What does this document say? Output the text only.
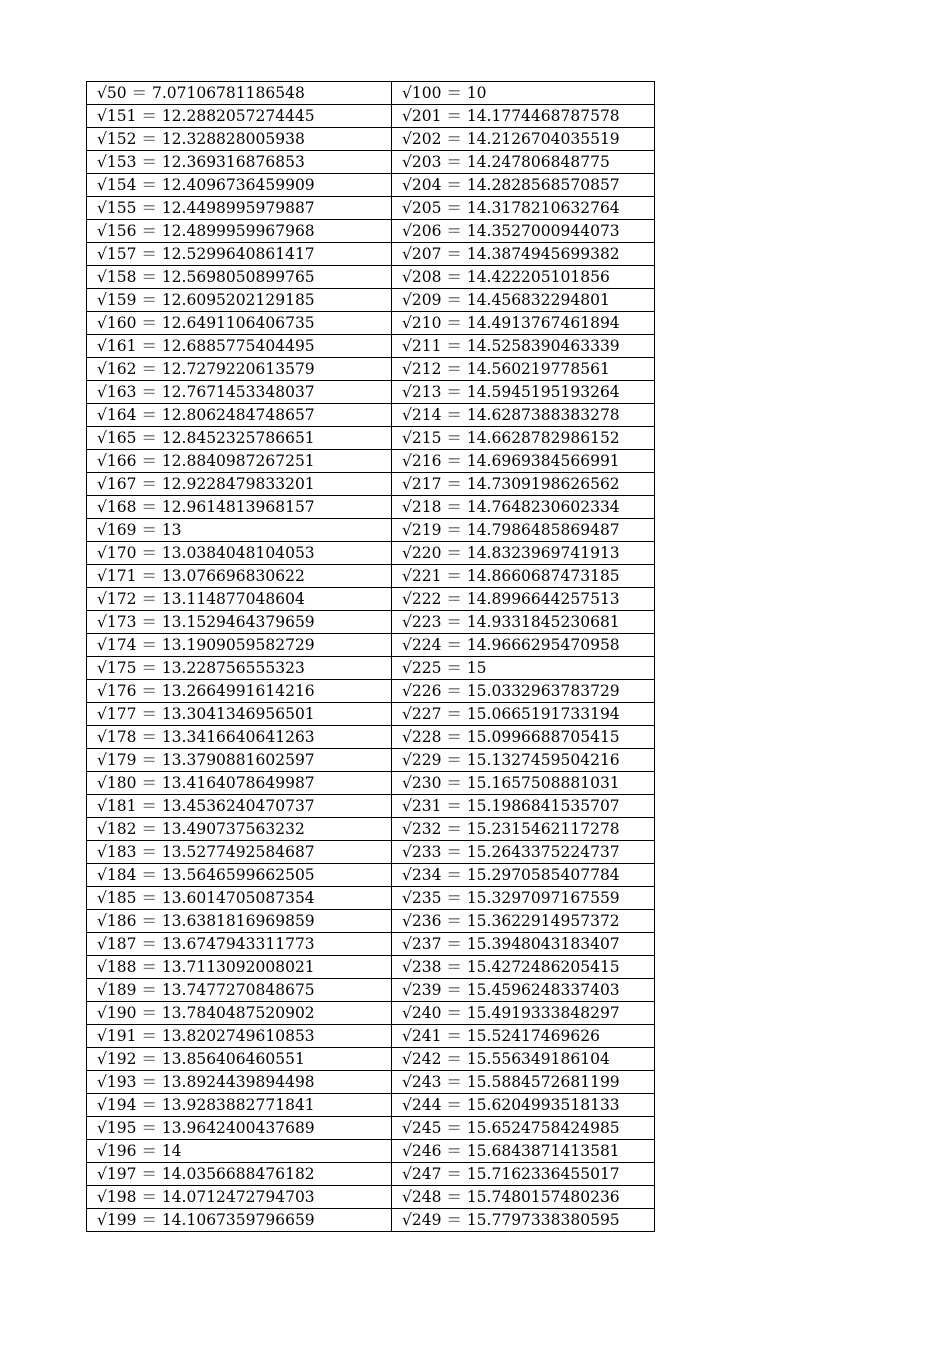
√50 ＝ 7.07106781186548	√100 ＝ 10
√151 ＝ 12.2882057274445	√201 ＝ 14.1774468787578
√152 ＝ 12.328828005938	√202 ＝ 14.2126704035519
√153 ＝ 12.369316876853	√203 ＝ 14.247806848775
√154 ＝ 12.4096736459909	√204 ＝ 14.2828568570857
√155 ＝ 12.4498995979887	√205 ＝ 14.3178210632764
√156 ＝ 12.4899959967968	√206 ＝ 14.3527000944073
√157 ＝ 12.5299640861417	√207 ＝ 14.3874945699382
√158 ＝ 12.5698050899765	√208 ＝ 14.422205101856
√159 ＝ 12.6095202129185	√209 ＝ 14.456832294801
√160 ＝ 12.6491106406735	√210 ＝ 14.4913767461894
√161 ＝ 12.6885775404495	√211 ＝ 14.5258390463339
√162 ＝ 12.7279220613579	√212 ＝ 14.560219778561
√163 ＝ 12.7671453348037	√213 ＝ 14.5945195193264
√164 ＝ 12.8062484748657	√214 ＝ 14.6287388383278
√165 ＝ 12.8452325786651	√215 ＝ 14.6628782986152
√166 ＝ 12.8840987267251	√216 ＝ 14.6969384566991
√167 ＝ 12.9228479833201	√217 ＝ 14.7309198626562
√168 ＝ 12.9614813968157	√218 ＝ 14.7648230602334
√169 ＝ 13	√219 ＝ 14.7986485869487
√170 ＝ 13.0384048104053	√220 ＝ 14.8323969741913
√171 ＝ 13.076696830622	√221 ＝ 14.8660687473185
√172 ＝ 13.114877048604	√222 ＝ 14.8996644257513
√173 ＝ 13.1529464379659	√223 ＝ 14.9331845230681
√174 ＝ 13.1909059582729	√224 ＝ 14.9666295470958
√175 ＝ 13.228756555323	√225 ＝ 15
√176 ＝ 13.2664991614216	√226 ＝ 15.0332963783729
√177 ＝ 13.3041346956501	√227 ＝ 15.0665191733194
√178 ＝ 13.3416640641263	√228 ＝ 15.0996688705415
√179 ＝ 13.3790881602597	√229 ＝ 15.1327459504216
√180 ＝ 13.4164078649987	√230 ＝ 15.1657508881031
√181 ＝ 13.4536240470737	√231 ＝ 15.1986841535707
√182 ＝ 13.490737563232	√232 ＝ 15.2315462117278
√183 ＝ 13.5277492584687	√233 ＝ 15.2643375224737
√184 ＝ 13.5646599662505	√234 ＝ 15.2970585407784
√185 ＝ 13.6014705087354	√235 ＝ 15.3297097167559
√186 ＝ 13.6381816969859	√236 ＝ 15.3622914957372
√187 ＝ 13.6747943311773	√237 ＝ 15.3948043183407
√188 ＝ 13.7113092008021	√238 ＝ 15.4272486205415
√189 ＝ 13.7477270848675	√239 ＝ 15.4596248337403
√190 ＝ 13.7840487520902	√240 ＝ 15.4919333848297
√191 ＝ 13.8202749610853	√241 ＝ 15.52417469626
√192 ＝ 13.856406460551	√242 ＝ 15.556349186104
√193 ＝ 13.8924439894498	√243 ＝ 15.5884572681199
√194 ＝ 13.9283882771841	√244 ＝ 15.6204993518133
√195 ＝ 13.9642400437689	√245 ＝ 15.6524758424985
√196 ＝ 14	√246 ＝ 15.6843871413581
√197 ＝ 14.0356688476182	√247 ＝ 15.7162336455017
√198 ＝ 14.0712472794703	√248 ＝ 15.7480157480236
√199 ＝ 14.1067359796659	√249 ＝ 15.7797338380595
